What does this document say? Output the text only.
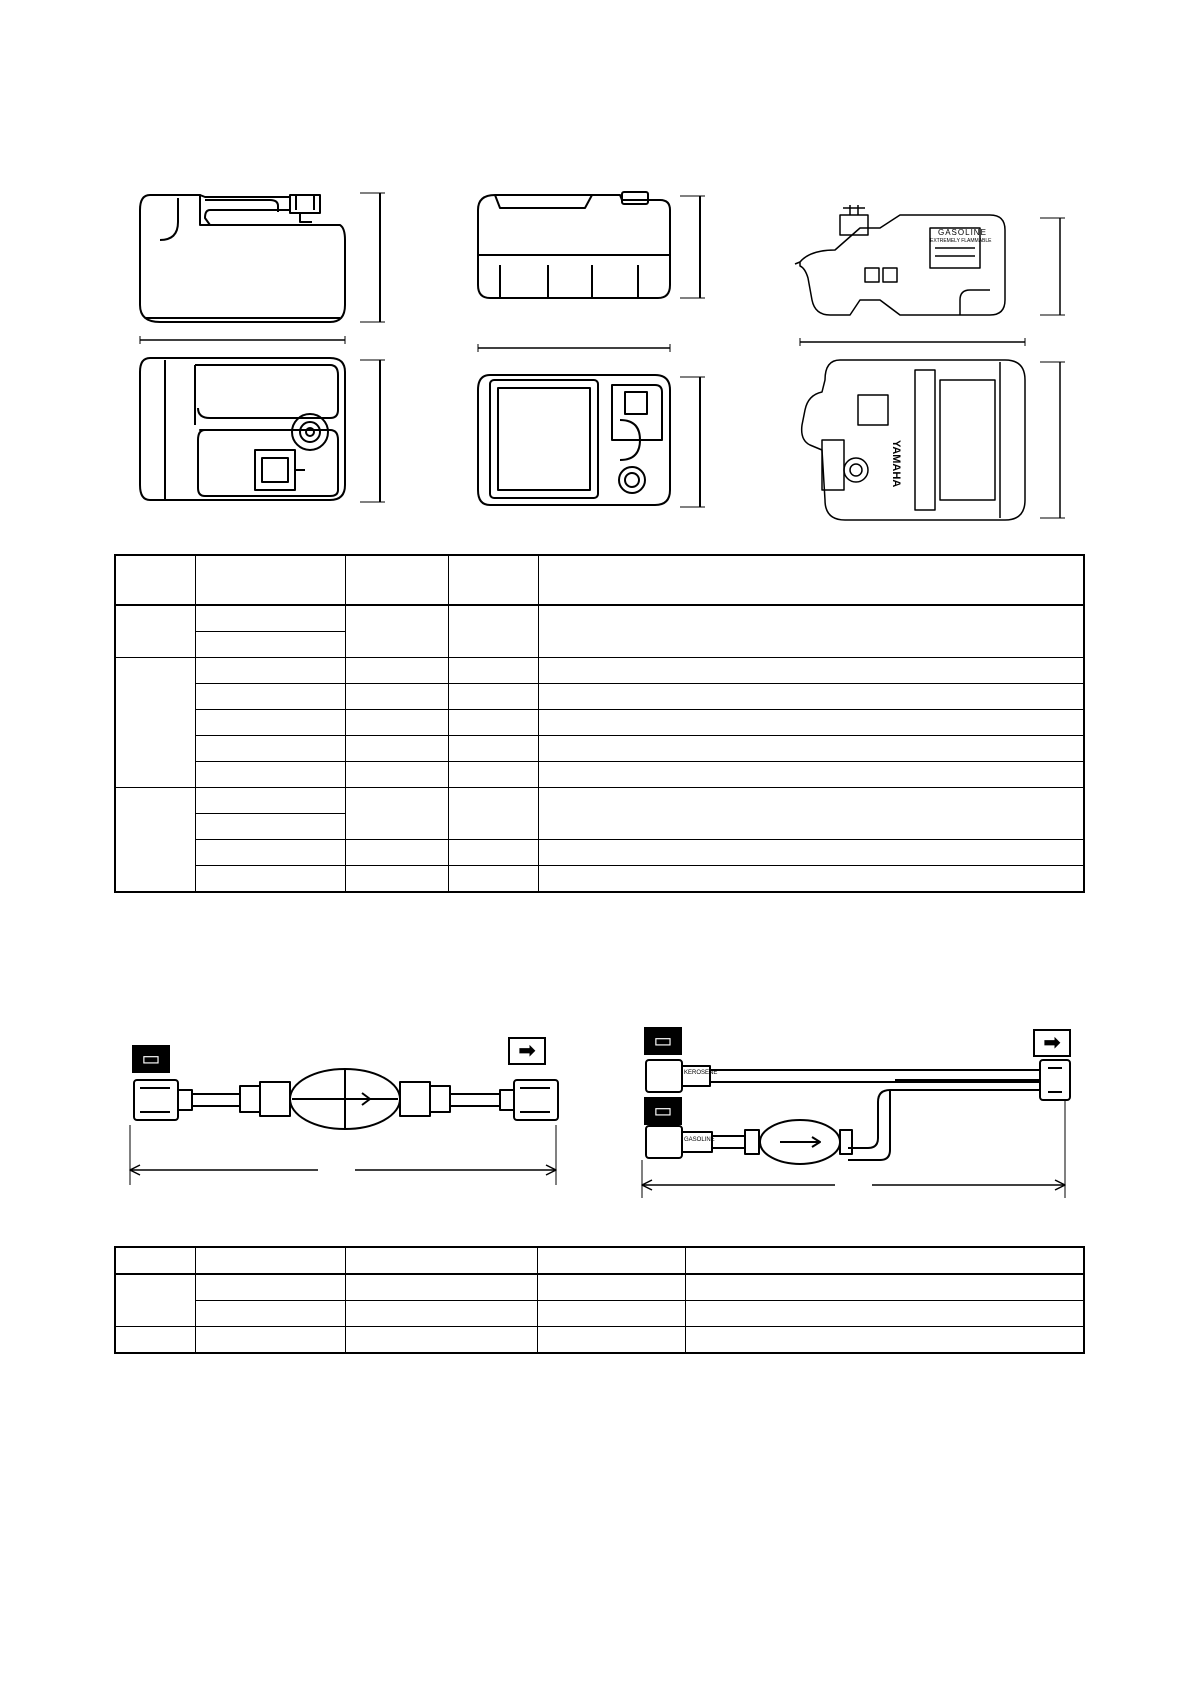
GASOLINE
EXTREMELY FLAMMABLE
YAMAHA

▭	➡	▭	➡
▭
KEROSENE
GASOLINE
